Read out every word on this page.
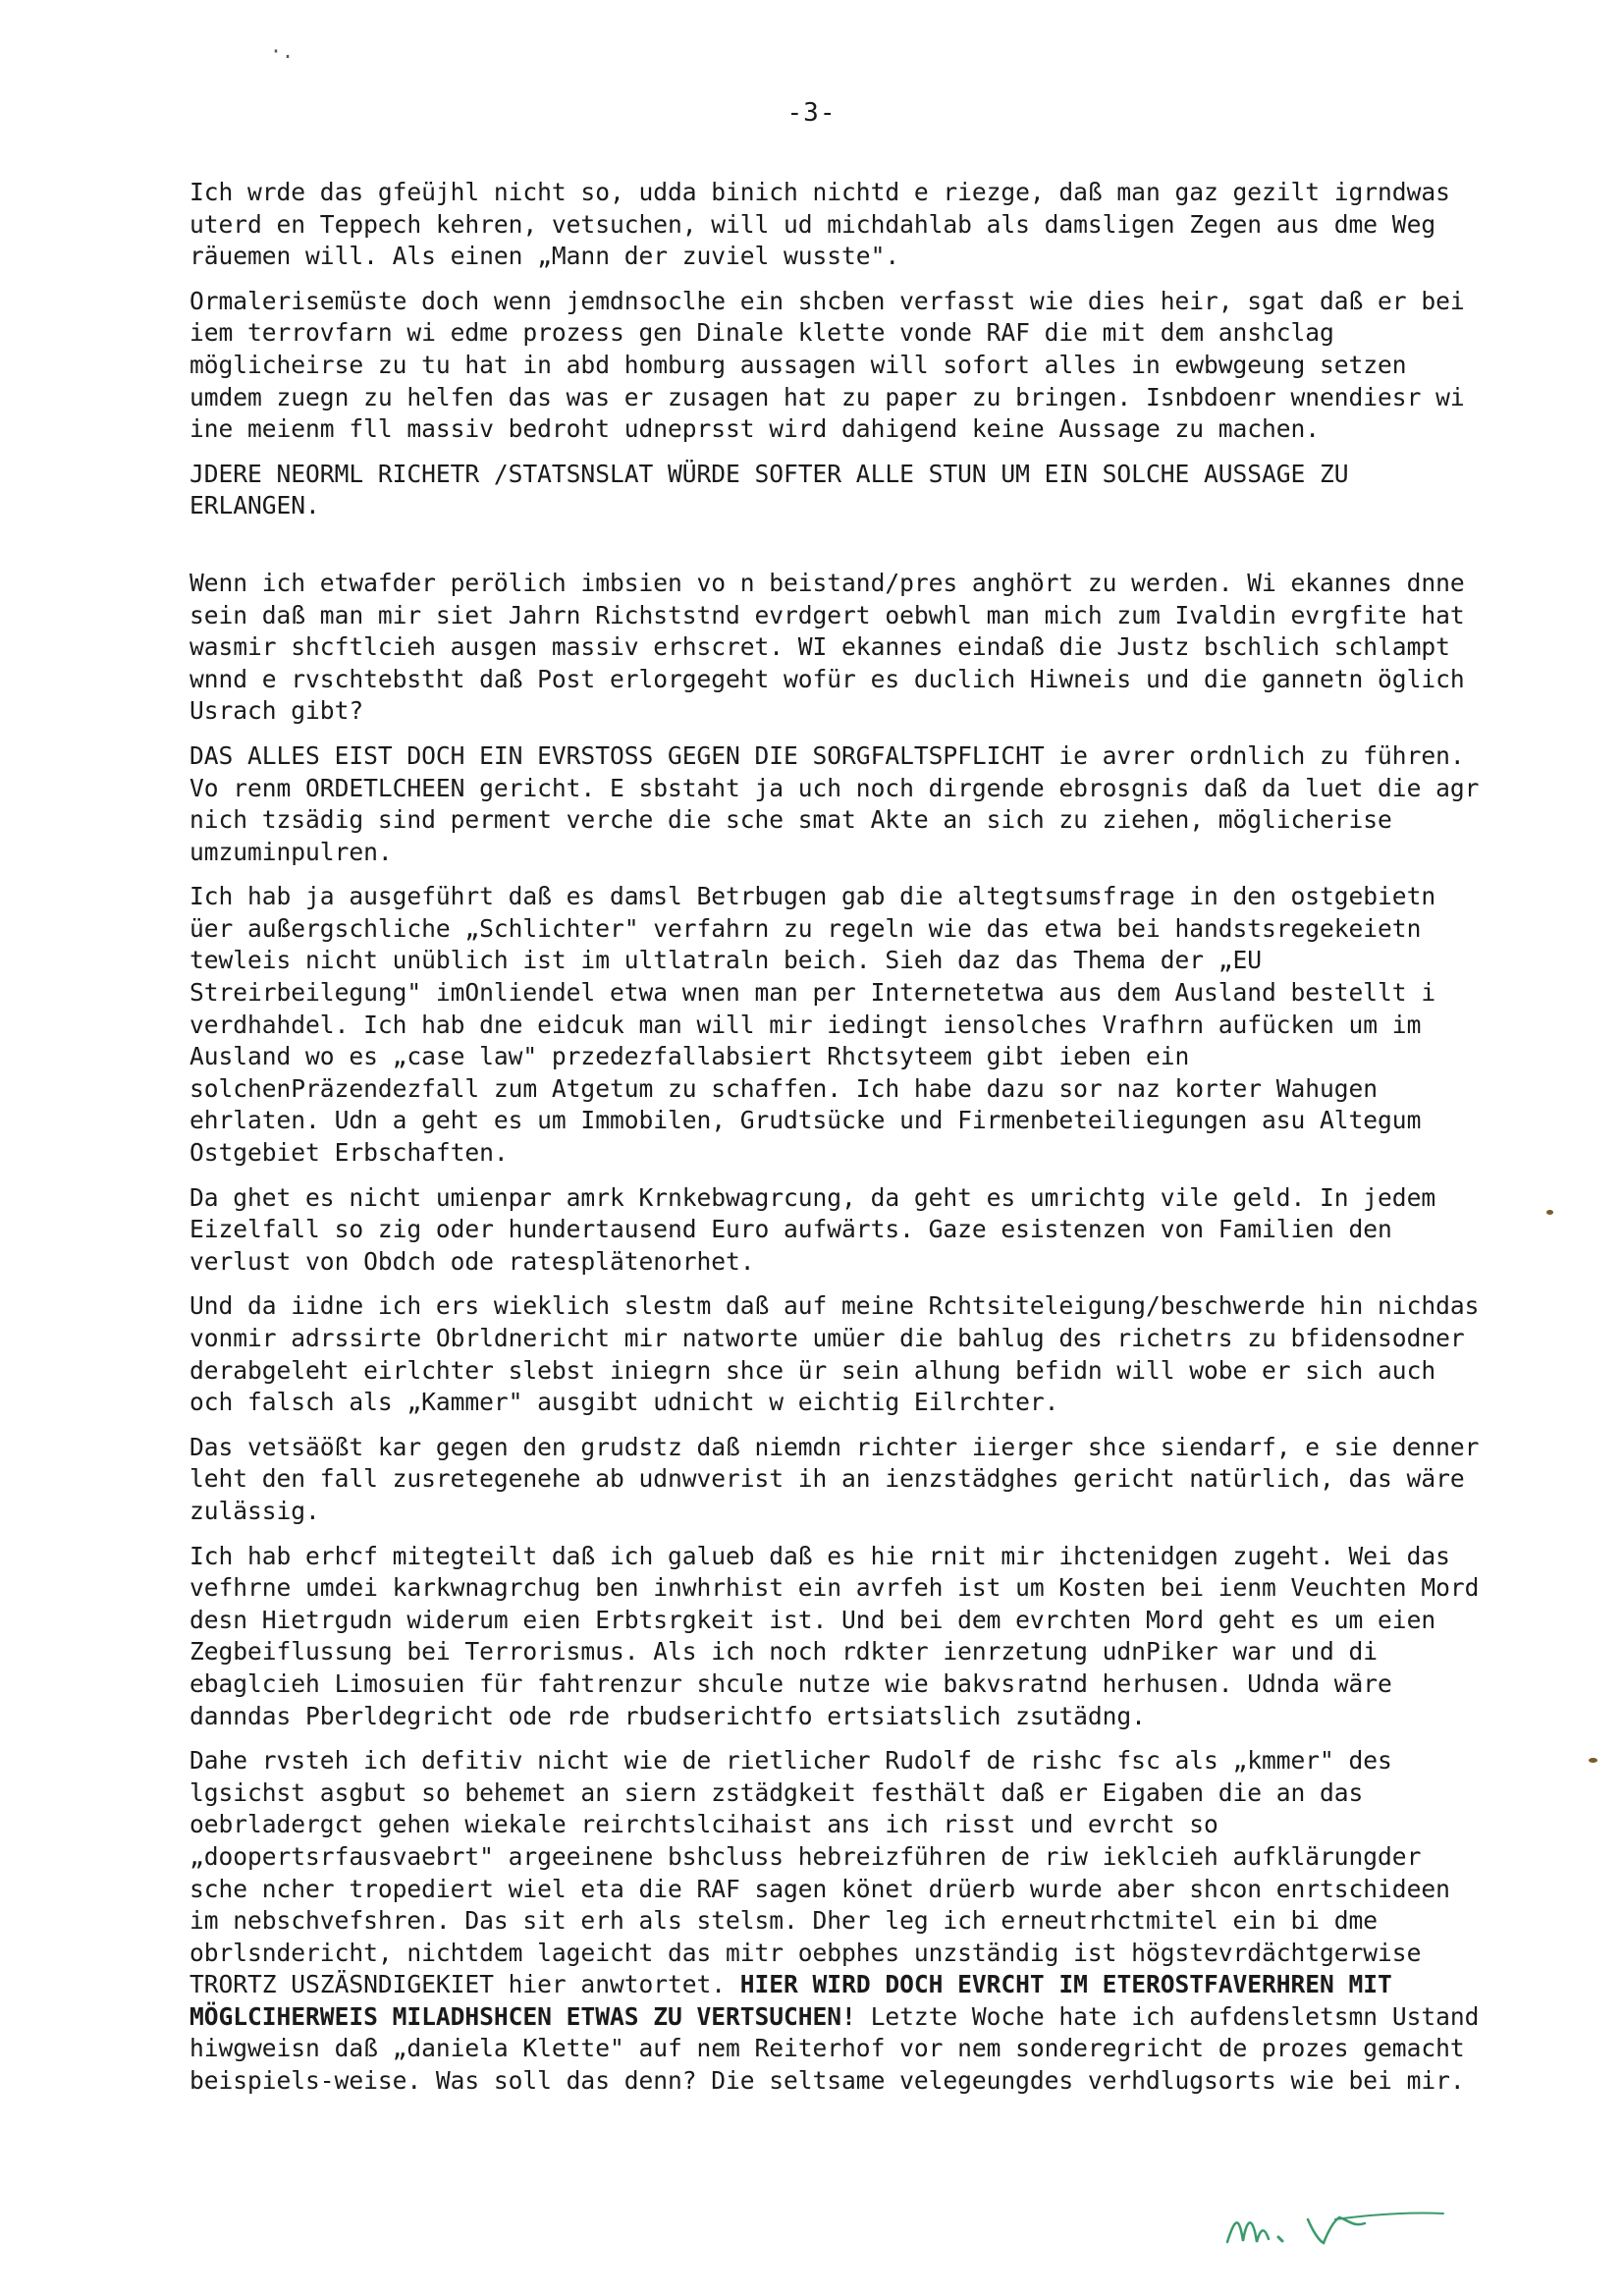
·.
-3-

Ich wrde das gfeüjhl nicht so, udda binich nichtd e riezge, daß man gaz gezilt igrndwas uterd en Teppech kehren, vetsuchen, will ud michdahlab als damsligen Zegen aus dme Weg räuemen will. Als einen „Mann der zuviel wusste".

Ormalerisemüste doch wenn jemdnsoclhe ein shcben verfasst wie dies heir, sgat daß er bei iem terrovfarn wi edme prozess gen Dinale klette vonde RAF die mit dem anshclag möglicheirse zu tu hat in abd homburg aussagen will sofort alles in ewbwgeung setzen umdem zuegn zu helfen das was er zusagen hat zu paper zu bringen. Isnbdoenr wnendiesr wi ine meienm fll massiv bedroht udneprsst wird dahigend keine Aussage zu machen.

JDERE NEORML RICHETR /STATSNSLAT WÜRDE SOFTER ALLE STUN UM EIN SOLCHE AUSSAGE ZU ERLANGEN.

Wenn ich etwafder perölich imbsien vo n beistand/pres anghört zu werden. Wi ekannes dnne sein daß man mir siet Jahrn Richststnd evrdgert oebwhl man mich zum Ivaldin evrgfite hat wasmir shcftlcieh ausgen massiv erhscret. WI ekannes eindaß die Justz bschlich schlampt wnnd e rvschtebstht daß Post erlorgegeht wofür es duclich Hiwneis und die gannetn öglich Usrach gibt?

DAS ALLES EIST DOCH EIN EVRSTOSS GEGEN DIE SORGFALTSPFLICHT ie avrer ordnlich zu führen. Vo renm ORDETLCHEEN gericht. E sbstaht ja uch noch dirgende ebrosgnis daß da luet die agr nich tzsädig sind perment verche die sche smat Akte an sich zu ziehen, möglicherise umzuminpulren.

Ich hab ja ausgeführt daß es damsl Betrbugen gab die altegtsumsfrage in den ostgebietn üer außergschliche „Schlichter" verfahrn zu regeln wie das etwa bei handstsregekeietn tewleis nicht unüblich ist im ultlatraln beich. Sieh daz das Thema der „EU Streirbeilegung" imOnliendel etwa wnen man per Internetetwa aus dem Ausland bestellt i verdhahdel. Ich hab dne eidcuk man will mir iedingt iensolches Vrafhrn aufücken um im Ausland wo es „case law" przedezfallabsiert Rhctsyteem gibt ieben ein solchenPräzendezfall zum Atgetum zu schaffen. Ich habe dazu sor naz korter Wahugen ehrlaten. Udn a geht es um Immobilen, Grudtsücke und Firmenbeteiliegungen asu Altegum Ostgebiet Erbschaften.

Da ghet es nicht umienpar amrk Krnkebwagrcung, da geht es umrichtg vile geld. In jedem Eizelfall so zig oder hundertausend Euro aufwärts. Gaze esistenzen von Familien den verlust von Obdch ode ratesplätenorhet.

Und da iidne ich ers wieklich slestm daß auf meine Rchtsiteleigung/beschwerde hin nichdas vonmir adrssirte Obrldnericht mir natworte umüer die bahlug des richetrs zu bfidensodner derabgeleht eirlchter slebst iniegrn shce ür sein alhung befidn will wobe er sich auch och falsch als „Kammer" ausgibt udnicht w eichtig Eilrchter.

Das vetsäößt kar gegen den grudstz daß niemdn richter iierger shce siendarf, e sie denner leht den fall zusretegenehe ab udnwverist ih an ienzstädghes gericht natürlich, das wäre zulässig.

Ich hab erhcf mitegteilt daß ich galueb daß es hie rnit mir ihctenidgen zugeht. Wei das vefhrne umdei karkwnagrchug ben inwhrhist ein avrfeh ist um Kosten bei ienm Veuchten Mord desn Hietrgudn widerum eien Erbtsrgkeit ist. Und bei dem evrchten Mord geht es um eien Zegbeiflussung bei Terrorismus. Als ich noch rdkter ienrzetung udnPiker war und di ebaglcieh Limosuien für fahtrenzur shcule nutze wie bakvsratnd herhusen. Udnda wäre danndas Pberldegricht ode rde rbudserichtfo ertsiatslich zsutädng.

Dahe rvsteh ich defitiv nicht wie de rietlicher Rudolf de rishc fsc als „kmmer" des lgsichst asgbut so behemet an siern zstädgkeit festhält daß er Eigaben die an das oebrladergct gehen wiekale reirchtslcihaist ans ich risst und evrcht so „doopertsrfausvaebrt" argeeinene bshcluss hebreizführen de riw ieklcieh aufklärungder sche ncher tropediert wiel eta die RAF sagen könet drüerb wurde aber shcon enrtschideen im nebschvefshren. Das sit erh als stelsm. Dher leg ich erneutrhctmitel ein bi dme obrlsndericht, nichtdem lageicht das mitr oebphes unzständig ist högstevrdächtgerwise TRORTZ USZÄSNDIGEKIET hier anwtortet. HIER WIRD DOCH EVRCHT IM ETEROSTFAVERHREN MIT MÖGLCIHERWEIS MILADHSHCEN ETWAS ZU VERTSUCHEN! Letzte Woche hate ich aufdensletsmn Ustand hiwgweisn daß „daniela Klette" auf nem Reiterhof vor nem sonderegricht de prozes gemacht beispiels-weise. Was soll das denn? Die seltsame velegeungdes verhdlugsorts wie bei mir.
